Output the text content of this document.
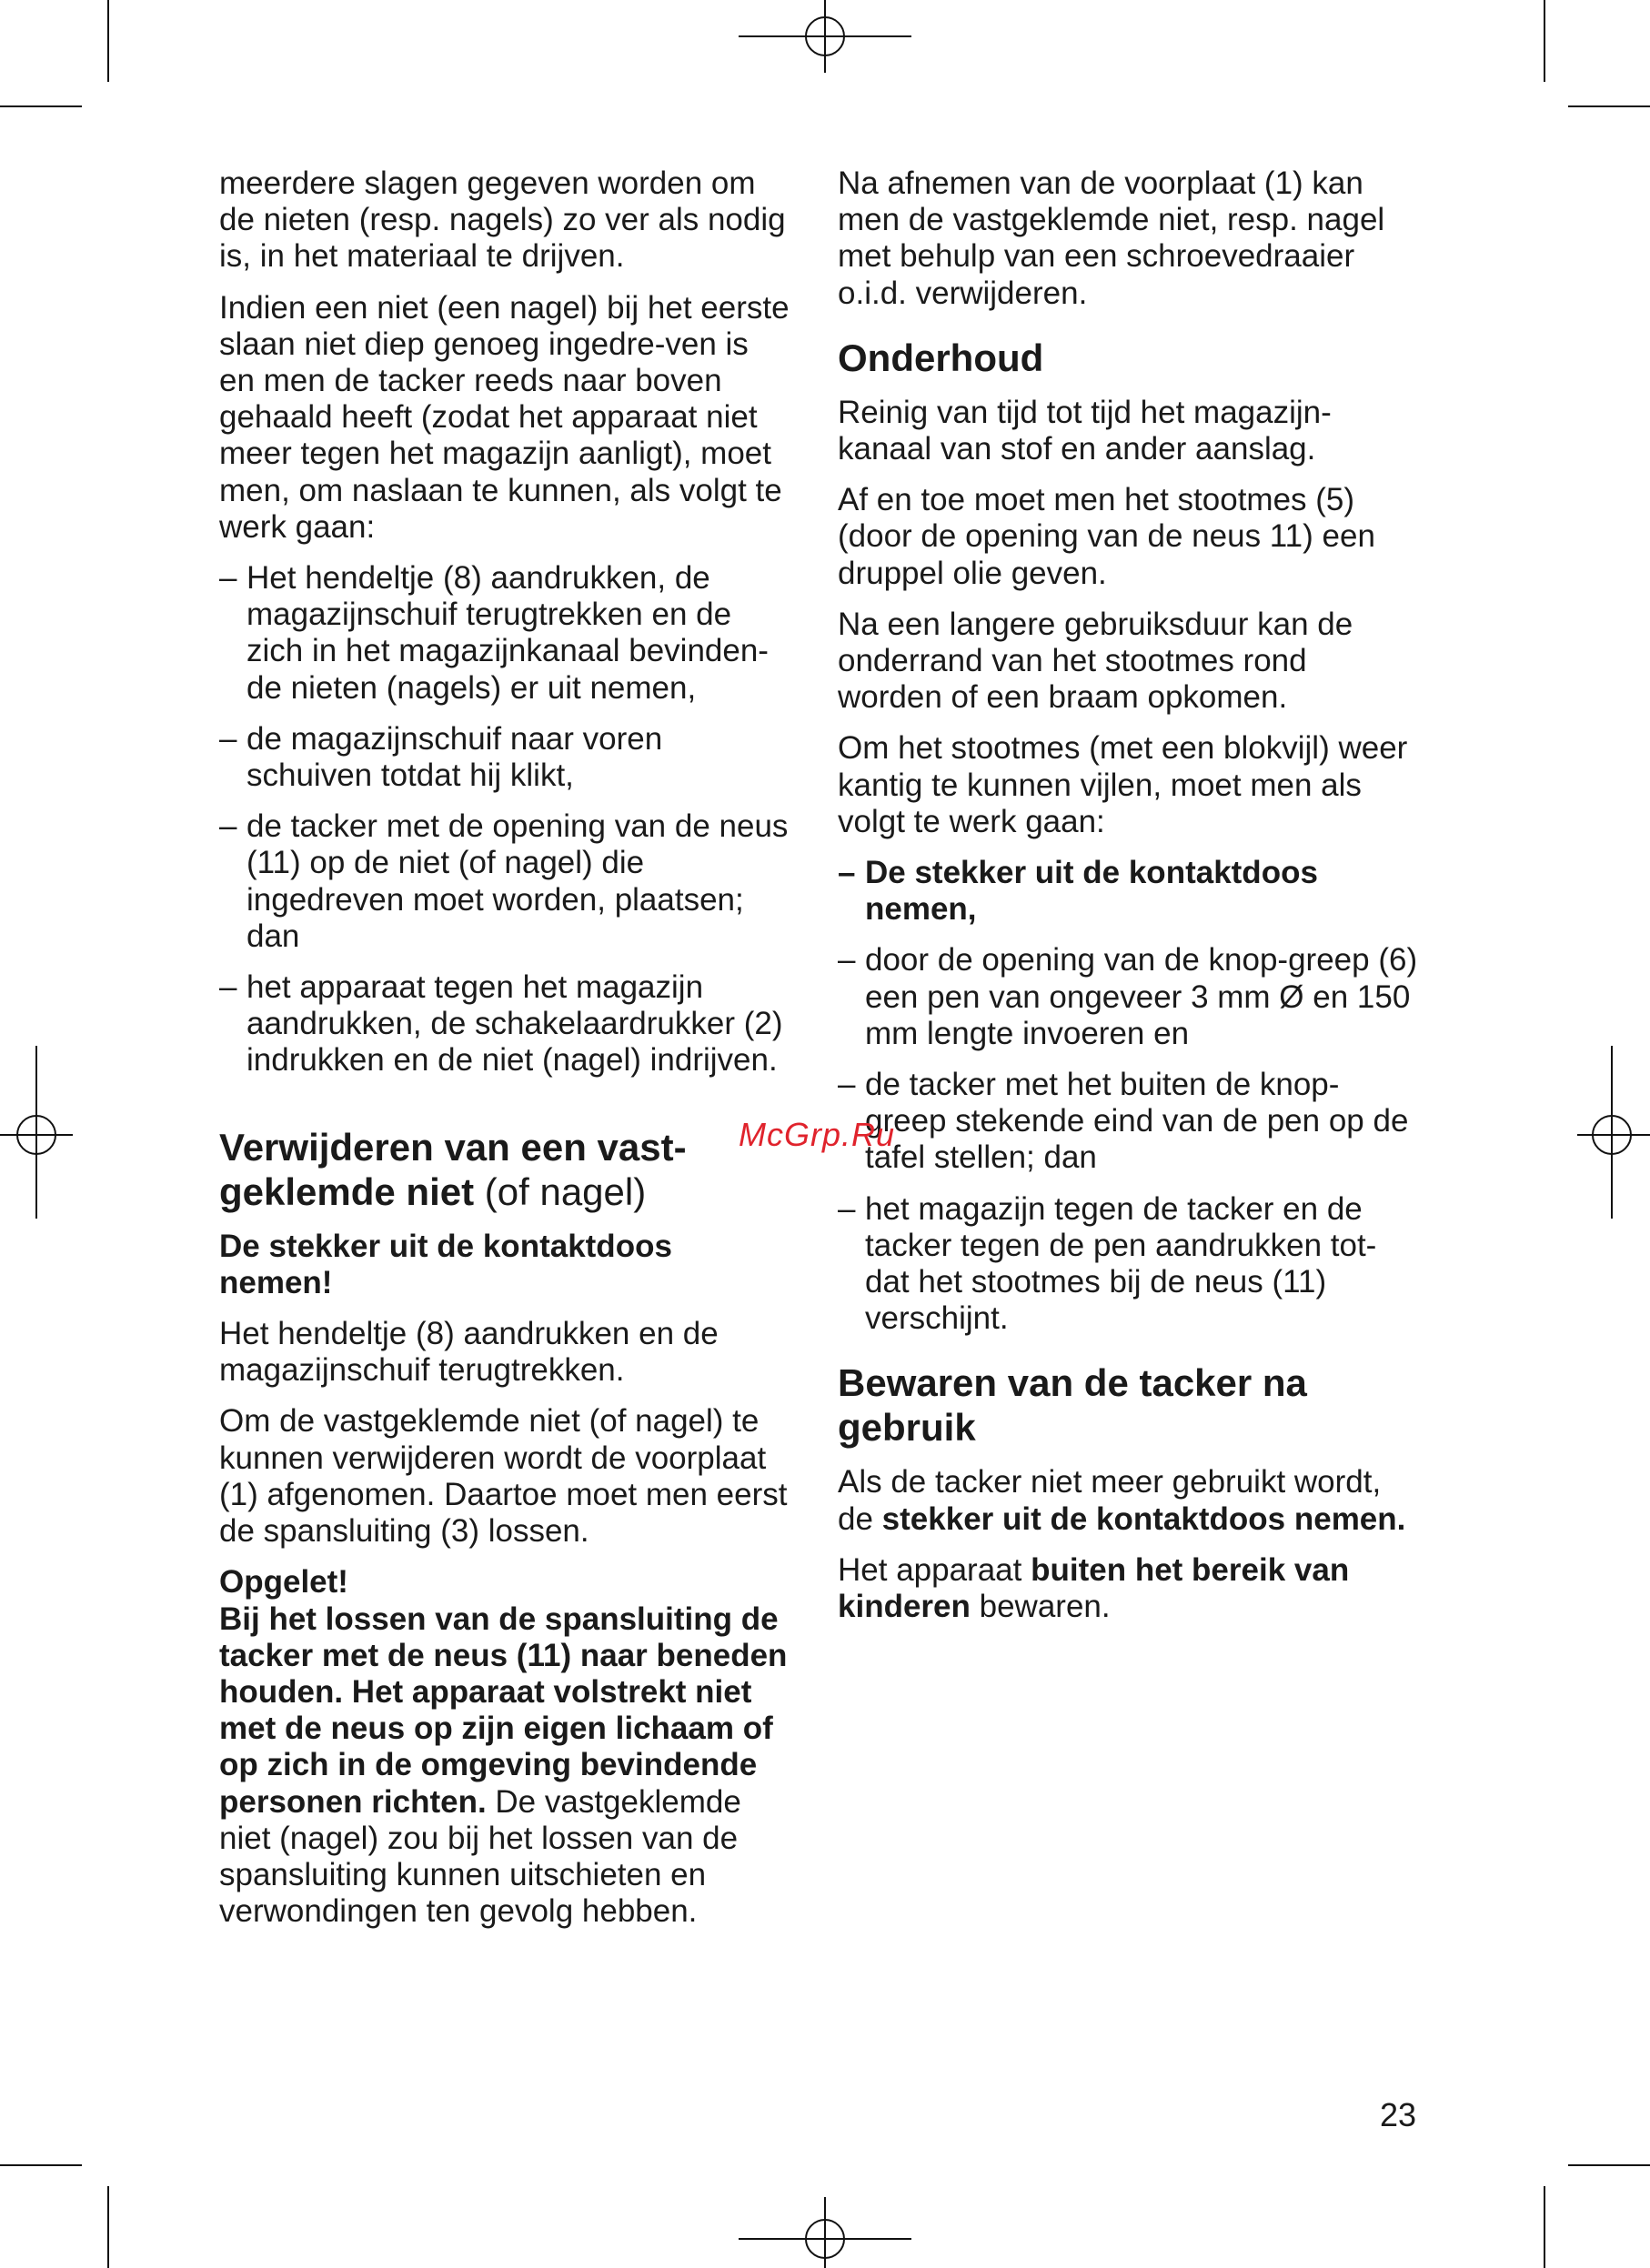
meerdere slagen gegeven worden om de nieten (resp. nagels) zo ver als nodig is, in het materiaal te drijven.

Indien een niet (een nagel) bij het eerste slaan niet diep genoeg ingedre-ven is en men de tacker reeds naar boven gehaald heeft (zodat het apparaat niet meer tegen het magazijn aanligt), moet men, om naslaan te kunnen, als volgt te werk gaan:

– Het hendeltje (8) aandrukken, de magazijnschuif terugtrekken en de zich in het magazijnkanaal bevinden-de nieten (nagels) er uit nemen,
– de magazijnschuif naar voren schuiven totdat hij klikt,
– de tacker met de opening van de neus (11) op de niet (of nagel) die ingedreven moet worden, plaatsen; dan
– het apparaat tegen het magazijn aandrukken, de schakelaardrukker (2) indrukken en de niet (nagel) indrijven.
Verwijderen van een vast-geklemde niet (of nagel)

De stekker uit de kontaktdoos nemen!

Het hendeltje (8) aandrukken en de magazijnschuif terugtrekken.

Om de vastgeklemde niet (of nagel) te kunnen verwijderen wordt de voorplaat (1) afgenomen. Daartoe moet men eerst de spansluiting (3) lossen.

Opgelet!
Bij het lossen van de spansluiting de tacker met de neus (11) naar beneden houden. Het apparaat volstrekt niet met de neus op zijn eigen lichaam of op zich in de omgeving bevindende personen richten. De vastgeklemde niet (nagel) zou bij het lossen van de spansluiting kunnen uitschieten en verwondingen ten gevolg hebben.

Na afnemen van de voorplaat (1) kan men de vastgeklemde niet, resp. nagel met behulp van een schroevedraaier o.i.d. verwijderen.

Onderhoud

Reinig van tijd tot tijd het magazijn-kanaal van stof en ander aanslag.

Af en toe moet men het stootmes (5) (door de opening van de neus 11) een druppel olie geven.

Na een langere gebruiksduur kan de onderrand van het stootmes rond worden of een braam opkomen.

Om het stootmes (met een blokvijl) weer kantig te kunnen vijlen, moet men als volgt te werk gaan:

– De stekker uit de kontaktdoos nemen,
– door de opening van de knop-greep (6) een pen van ongeveer 3 mm Ø en 150 mm lengte invoeren en
– de tacker met het buiten de knop-greep stekende eind van de pen op de tafel stellen; dan
– het magazijn tegen de tacker en de tacker tegen de pen aandrukken tot-dat het stootmes bij de neus (11) verschijnt.
Bewaren van de tacker na gebruik

Als de tacker niet meer gebruikt wordt, de stekker uit de kontaktdoos nemen.

Het apparaat buiten het bereik van kinderen bewaren.

McGrp.Ru
23
